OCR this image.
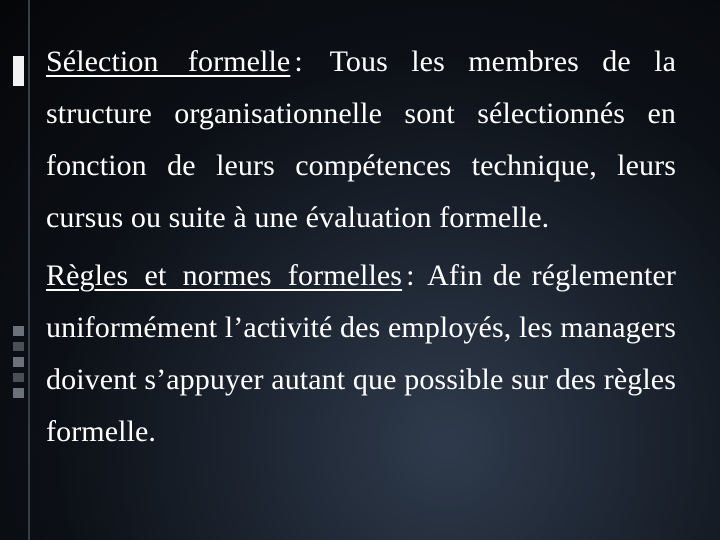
Sélection formelle : Tous les membres de la structure organisationnelle sont sélectionnés en fonction de leurs compétences technique, leurs cursus ou suite à une évaluation formelle.

Règles et normes formelles : Afin de réglementer uniformément l’activité des employés, les managers doivent s’appuyer autant que possible sur des règles formelle.
